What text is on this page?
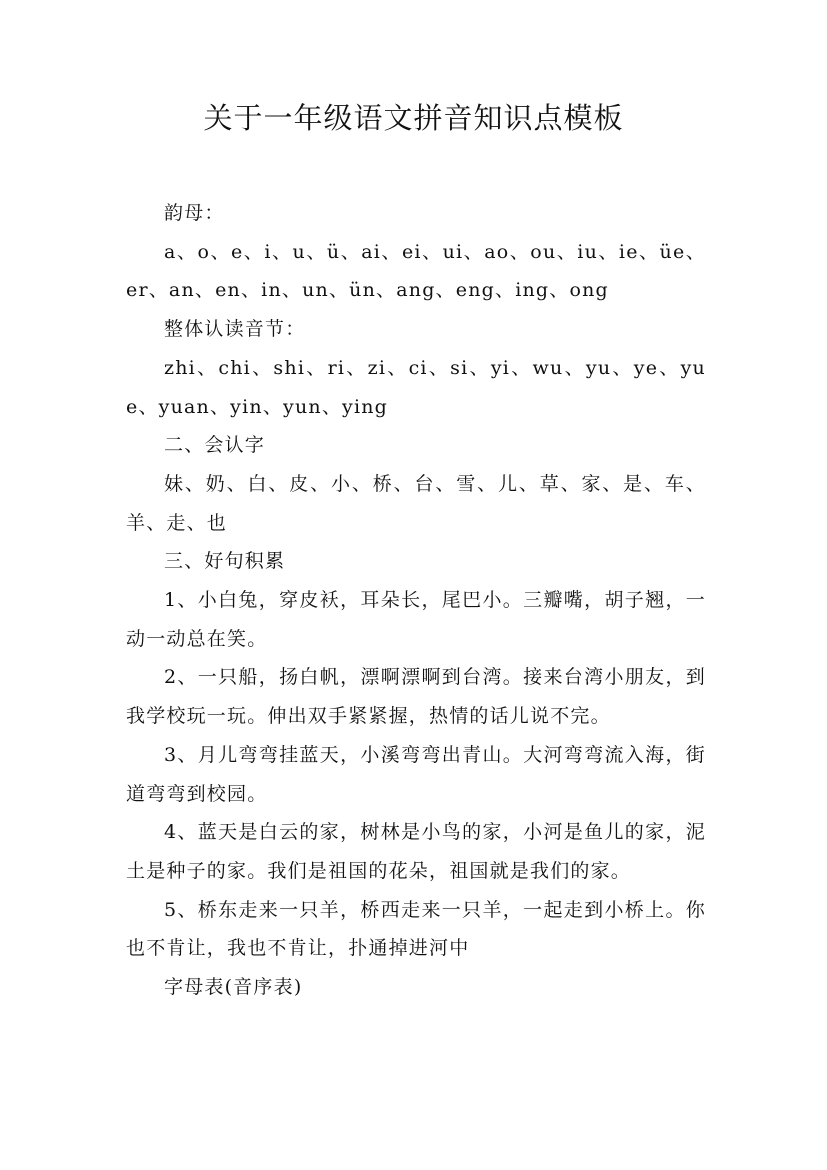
关于一年级语文拼音知识点模板

韵母：

a、o、e、i、u、ü、ai、ei、ui、ao、ou、iu、ie、üe、er、an、en、in、un、ün、ang、eng、ing、ong

整体认读音节：

zhi、chi、shi、ri、zi、ci、si、yi、wu、yu、ye、yue、yuan、yin、yun、ying

二、会认字

妹、奶、白、皮、小、桥、台、雪、儿、草、家、是、车、羊、走、也

三、好句积累

1、小白兔，穿皮袄，耳朵长，尾巴小。三瓣嘴，胡子翘，一动一动总在笑。

2、一只船，扬白帆，漂啊漂啊到台湾。接来台湾小朋友，到我学校玩一玩。伸出双手紧紧握，热情的话儿说不完。

3、月儿弯弯挂蓝天，小溪弯弯出青山。大河弯弯流入海，街道弯弯到校园。

4、蓝天是白云的家，树林是小鸟的家，小河是鱼儿的家，泥土是种子的家。我们是祖国的花朵，祖国就是我们的家。

5、桥东走来一只羊，桥西走来一只羊，一起走到小桥上。你也不肯让，我也不肯让，扑通掉进河中

字母表(音序表)
